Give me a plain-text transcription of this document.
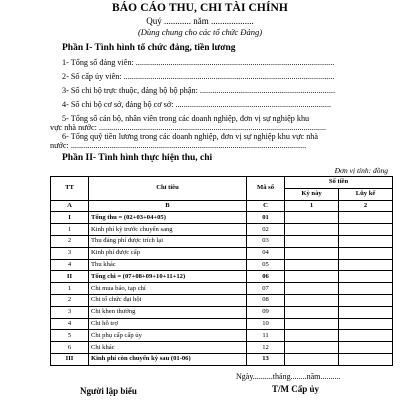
BÁO CÁO THU, CHI TÀI CHÍNH
Quý ............ năm ...................
(Dùng chung cho các tổ chức Đảng)
Phần I- Tình hình tổ chức đảng, tiền lương
1- Tổng số đảng viên: .................................................................................................
2- Số cấp ủy viên: .......................................................................................................
3- Số chi bộ trực thuộc, đảng bộ bộ phận: ..................................................................
4- Số chi bộ cơ sở, đảng bộ cơ sở: ............................................................................
5- Tổng số cán bộ, nhân viên trong các doanh nghiệp, đơn vị sự nghiệp khu
vực nhà nước: ...............................................................................................................
6- Tổng quỹ tiền lương trong các doanh nghiệp, đơn vị sự nghiệp khu vực nhà
nước: ...................................................................................................................
Phần II- Tình hình thực hiện thu, chi
Đơn vị tính: đồng
TT	Chỉ tiêu	Mã số	Số tiền	
			Kỳ này	Lũy kế
A	B	C	1	2
I	Tổng thu = (02+03+04+05)	01		
1	Kinh phí kỳ trước chuyển sang	02		
2	Thu đảng phí được trích lại	03		
3	Kinh phí được cấp	04		
4	Thu khác	05		
II	Tổng chi = (07+08+09+10+11+12)	06		
1	Chi mua báo, tạp chí	07		
2	Chi tổ chức đại hội	08		
3	Chi khen thưởng	09		
4	Chi hỗ trợ	10		
5	Chi phụ cấp cấp ủy	11		
6	Chi khác	12		
III	Kinh phí còn chuyển kỳ sau (01-06)	13		
Ngày..........tháng........năm..........
Người lập biểu	T/M Cấp ủy
